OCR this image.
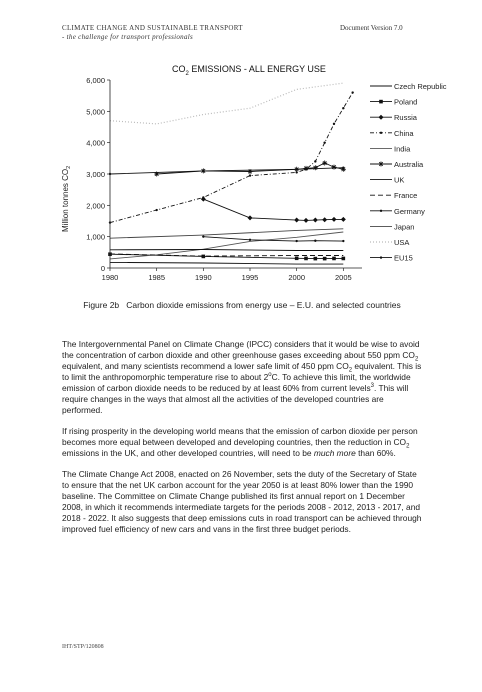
CLIMATE CHANGE AND SUSTAINABLE TRANSPORT
- the challenge for transport professionals
Document Version 7.0
$CO_2$ EMISSIONS - ALL ENERGY USE
Million tonnes $CO_2$
0
1,000
2,000
3,000
4,000
5,000
6,000
1980	1985	1990	1995	2000	2005
Czech Republic
Poland
Russia
China
India
Australia
UK
France
Germany
Japan
USA
EU15
Figure 2b Carbon dioxide emissions from energy use – E.U. and selected countries

The Intergovernmental Panel on Climate Change (IPCC) considers that it would be wise to avoid the concentration of carbon dioxide and other greenhouse gases exceeding about 550 ppm $CO_2$ equivalent, and many scientists recommend a lower safe limit of 450 ppm $CO_2$ equivalent. This is to limit the anthropomorphic temperature rise to about 2$^o$C. To achieve this limit, the worldwide emission of carbon dioxide needs to be reduced by at least 60% from current levels$^3$. This will require changes in the ways that almost all the activities of the developed countries are performed.

If rising prosperity in the developing world means that the emission of carbon dioxide per person becomes more equal between developed and developing countries, then the reduction in $CO_2$ emissions in the UK, and other developed countries, will need to be much more than 60%.

The Climate Change Act 2008, enacted on 26 November, sets the duty of the Secretary of State to ensure that the net UK carbon account for the year 2050 is at least 80% lower than the 1990 baseline. The Committee on Climate Change published its first annual report on 1 December 2008, in which it recommends intermediate targets for the periods 2008 - 2012, 2013 - 2017, and 2018 - 2022. It also suggests that deep emissions cuts in road transport can be achieved through improved fuel efficiency of new cars and vans in the first three budget periods.

IHT/STP/120808
